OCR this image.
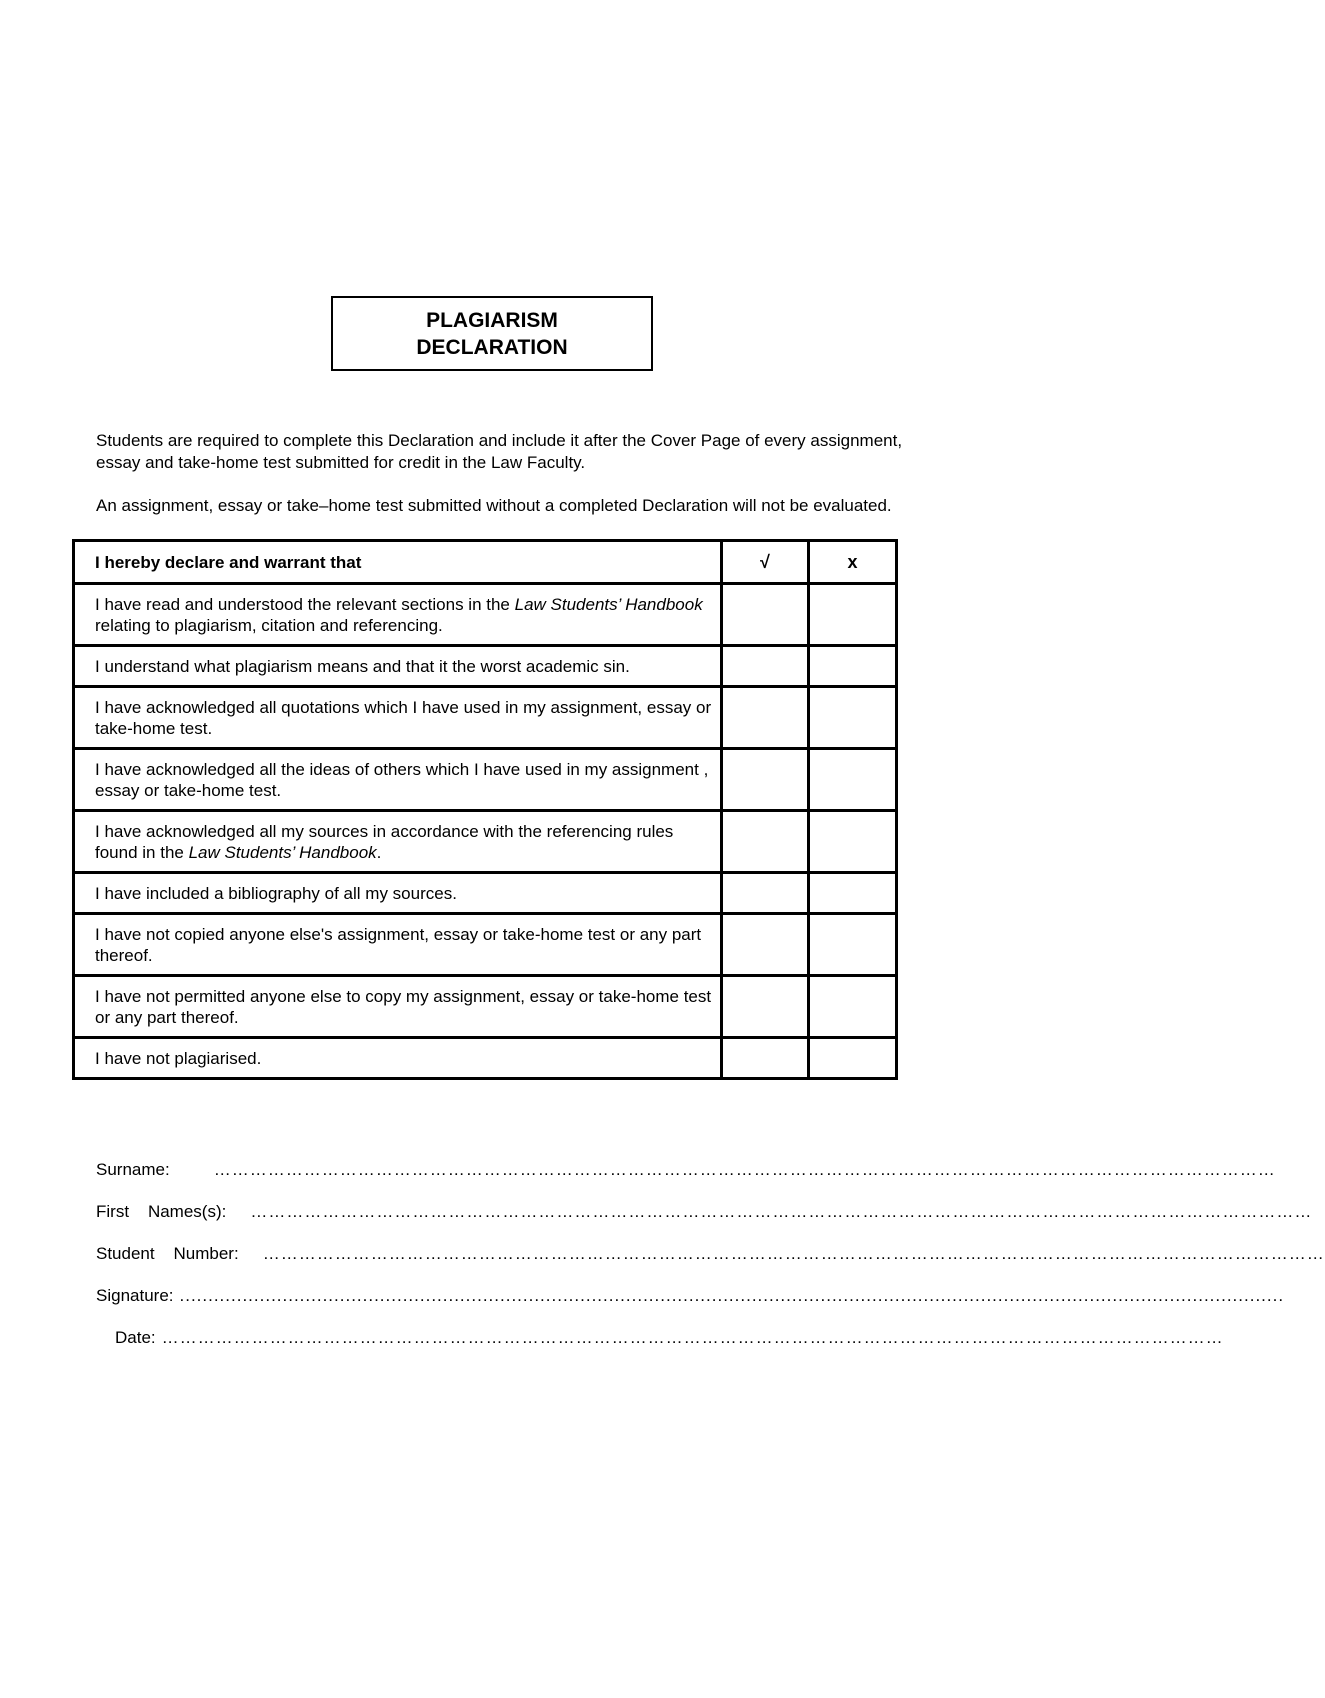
PLAGIARISM
DECLARATION

Students are required to complete this Declaration and include it after the Cover Page of every assignment, essay and take-home test submitted for credit in the Law Faculty.

An assignment, essay or take–home test submitted without a completed Declaration will not be evaluated.

I hereby declare and warrant that	√	x
I have read and understood the relevant sections in the Law Students’ Handbook relating to plagiarism, citation and referencing.		
I understand what plagiarism means and that it the worst academic sin.		
I have acknowledged all quotations which I have used in my assignment, essay or take-home test.		
I have acknowledged all the ideas of others which I have used in my assignment , essay or take-home test.		
I have acknowledged all my sources in accordance with the referencing rules found in the Law Students’ Handbook.		
I have included a bibliography of all my sources.		
I have not copied anyone else's assignment, essay or take-home test or any part thereof.		
I have not permitted anyone else to copy my assignment, essay or take-home test or any part thereof.		
I have not plagiarised.		
Surname:	……………………………………………………………………………………………………………………………………………………………
First    Names(s): ……………………………………………………………………………………………………………………………………………………………
Student    Number: ……………………………………………………………………………………………………………………………………………………………
Signature: .................................................................................................................................................................................................
Date: ……………………………………………………………………………………………………………………………………………………………
